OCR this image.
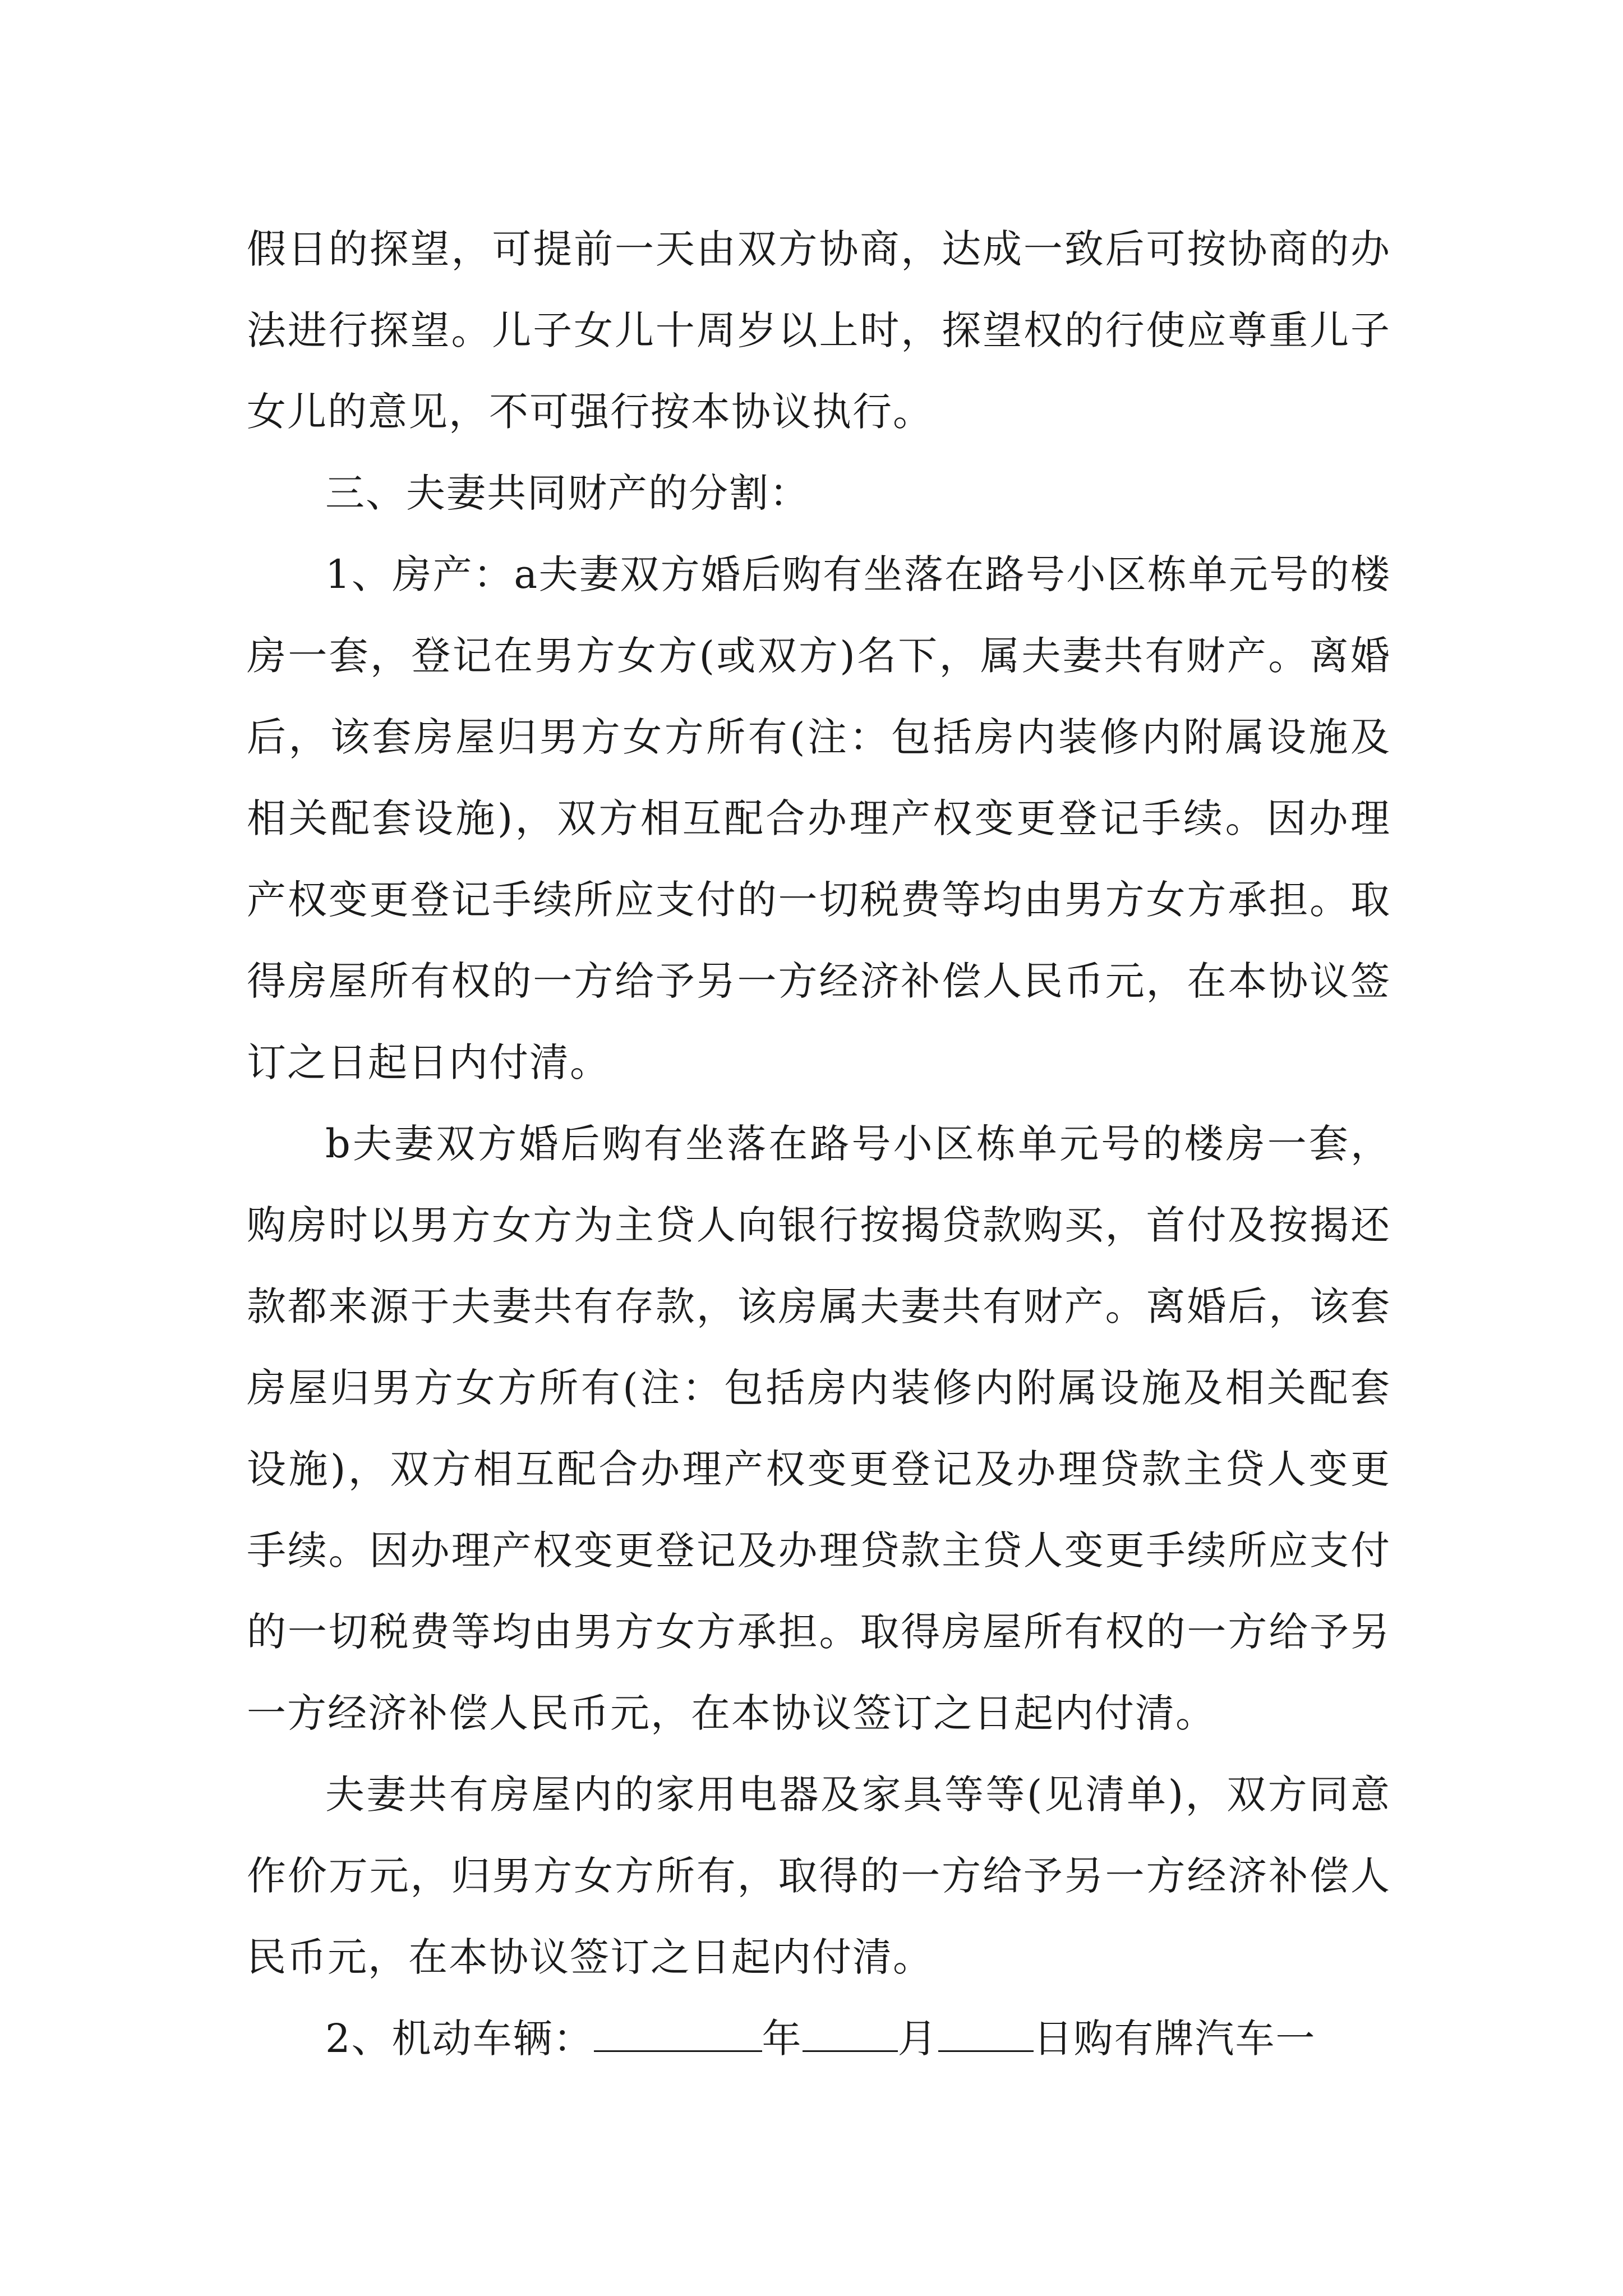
假日的探望，可提前一天由双方协商，达成一致后可按协商的办法进行探望。儿子女儿十周岁以上时，探望权的行使应尊重儿子女儿的意见，不可强行按本协议执行。

三、夫妻共同财产的分割：

1、房产：a夫妻双方婚后购有坐落在路号小区栋单元号的楼房一套，登记在男方女方(或双方)名下，属夫妻共有财产。离婚后，该套房屋归男方女方所有(注：包括房内装修内附属设施及相关配套设施)，双方相互配合办理产权变更登记手续。因办理产权变更登记手续所应支付的一切税费等均由男方女方承担。取得房屋所有权的一方给予另一方经济补偿人民币元，在本协议签订之日起日内付清。

b夫妻双方婚后购有坐落在路号小区栋单元号的楼房一套，购房时以男方女方为主贷人向银行按揭贷款购买，首付及按揭还款都来源于夫妻共有存款，该房属夫妻共有财产。离婚后，该套房屋归男方女方所有(注：包括房内装修内附属设施及相关配套设施)，双方相互配合办理产权变更登记及办理贷款主贷人变更手续。因办理产权变更登记及办理贷款主贷人变更手续所应支付的一切税费等均由男方女方承担。取得房屋所有权的一方给予另一方经济补偿人民币元，在本协议签订之日起内付清。

夫妻共有房屋内的家用电器及家具等等(见清单)，双方同意作价万元，归男方女方所有，取得的一方给予另一方经济补偿人民币元，在本协议签订之日起内付清。

2、机动车辆：	年 月 日购有牌汽车一
